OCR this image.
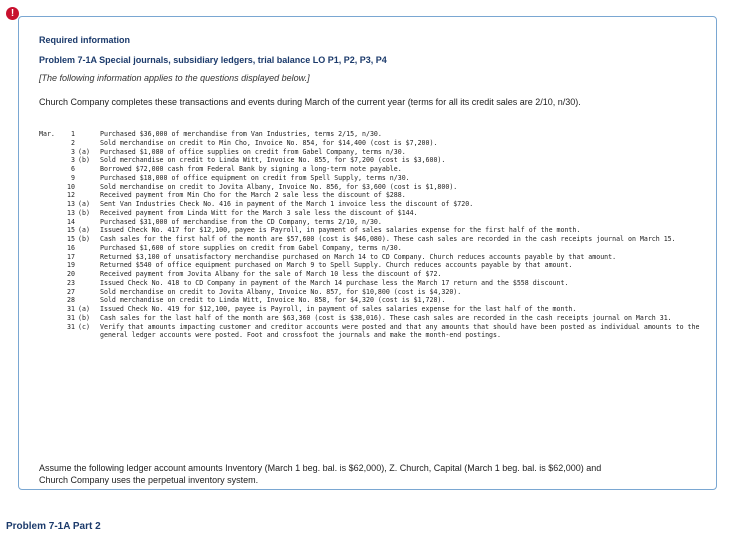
!
Required information
Problem 7-1A Special journals, subsidiary ledgers, trial balance LO P1, P2, P3, P4
[The following information applies to the questions displayed below.]
Church Company completes these transactions and events during March of the current year (terms for all its credit sales are 2/10, n/30).
Mar.	1	Purchased $36,000 of merchandise from Van Industries, terms 2/15, n/30.
2	Sold merchandise on credit to Min Cho, Invoice No. 854, for $14,400 (cost is $7,200).
3 (a)	Purchased $1,080 of office supplies on credit from Gabel Company, terms n/30.
3 (b)	Sold merchandise on credit to Linda Witt, Invoice No. 855, for $7,200 (cost is $3,600).
6	Borrowed $72,000 cash from Federal Bank by signing a long-term note payable.
9	Purchased $18,000 of office equipment on credit from Spell Supply, terms n/30.
10	Sold merchandise on credit to Jovita Albany, Invoice No. 856, for $3,600 (cost is $1,800).
12	Received payment from Min Cho for the March 2 sale less the discount of $288.
13 (a)	Sent Van Industries Check No. 416 in payment of the March 1 invoice less the discount of $720.
13 (b)	Received payment from Linda Witt for the March 3 sale less the discount of $144.
14	Purchased $31,000 of merchandise from the CD Company, terms 2/10, n/30.
15 (a)	Issued Check No. 417 for $12,100, payee is Payroll, in payment of sales salaries expense for the first half of the month.
15 (b)	Cash sales for the first half of the month are $57,600 (cost is $46,080). These cash sales are recorded in the cash receipts journal on March 15.
16	Purchased $1,600 of store supplies on credit from Gabel Company, terms n/30.
17	Returned $3,100 of unsatisfactory merchandise purchased on March 14 to CD Company. Church reduces accounts payable by that amount.
19	Returned $540 of office equipment purchased on March 9 to Spell Supply. Church reduces accounts payable by that amount.
20	Received payment from Jovita Albany for the sale of March 10 less the discount of $72.
23	Issued Check No. 418 to CD Company in payment of the March 14 purchase less the March 17 return and the $558 discount.
27	Sold merchandise on credit to Jovita Albany, Invoice No. 857, for $10,800 (cost is $4,320).
28	Sold merchandise on credit to Linda Witt, Invoice No. 858, for $4,320 (cost is $1,728).
31 (a)	Issued Check No. 419 for $12,100, payee is Payroll, in payment of sales salaries expense for the last half of the month.
31 (b)	Cash sales for the last half of the month are $63,360 (cost is $38,016). These cash sales are recorded in the cash receipts journal on March 31.
31 (c)	Verify that amounts impacting customer and creditor accounts were posted and that any amounts that should have been posted as individual amounts to the general ledger accounts were posted. Foot and crossfoot the journals and make the month-end postings.
Assume the following ledger account amounts Inventory (March 1 beg. bal. is $62,000), Z. Church, Capital (March 1 beg. bal. is $62,000) and Church Company uses the perpetual inventory system.
Problem 7-1A Part 2
